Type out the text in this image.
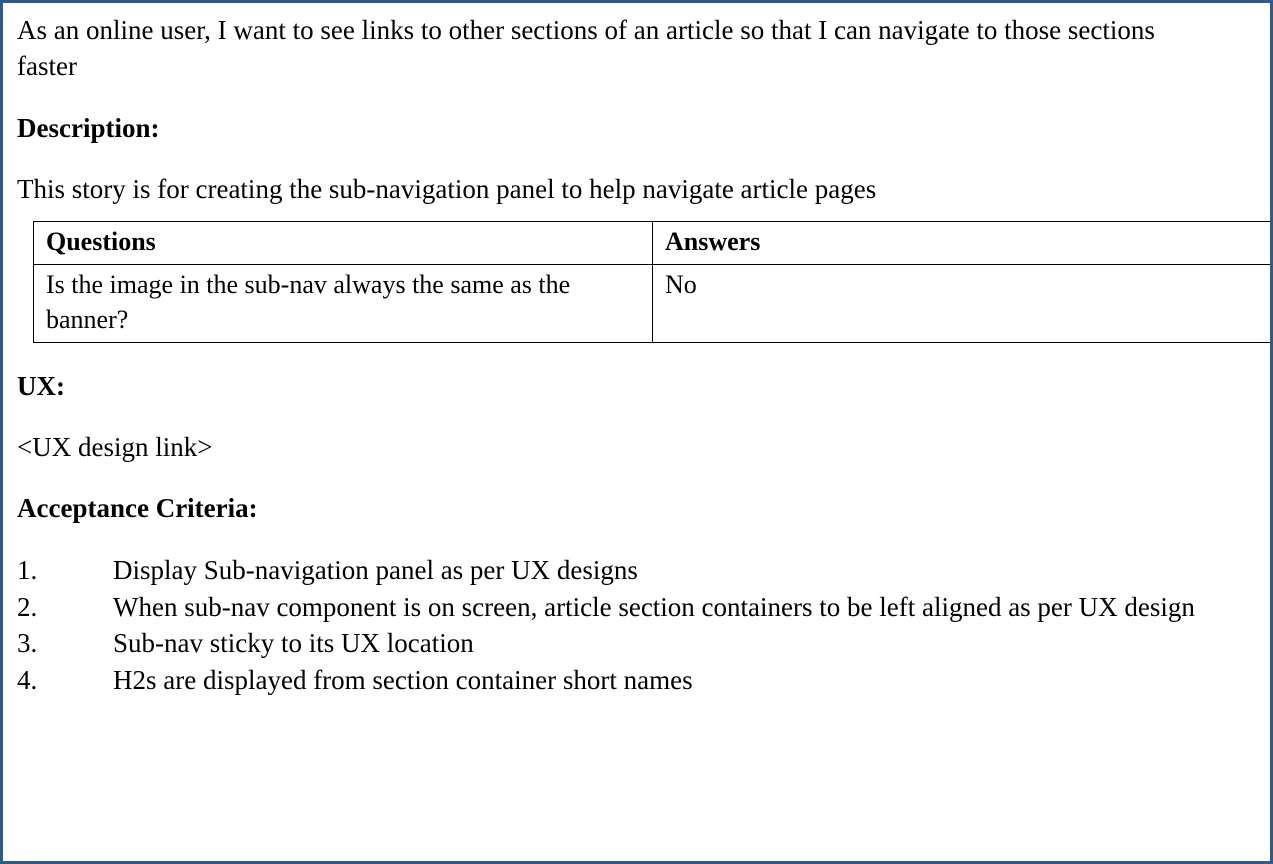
As an online user, I want to see links to other sections of an article so that I can navigate to those sections faster

Description:

This story is for creating the sub-navigation panel to help navigate article pages

Questions	Answers
Is the image in the sub-nav always the same as the banner?	No

UX:

<UX design link>

Acceptance Criteria:

1.	Display Sub-navigation panel as per UX designs
2.	When sub-nav component is on screen, article section containers to be left aligned as per UX design
3.	Sub-nav sticky to its UX location
4.	H2s are displayed from section container short names
